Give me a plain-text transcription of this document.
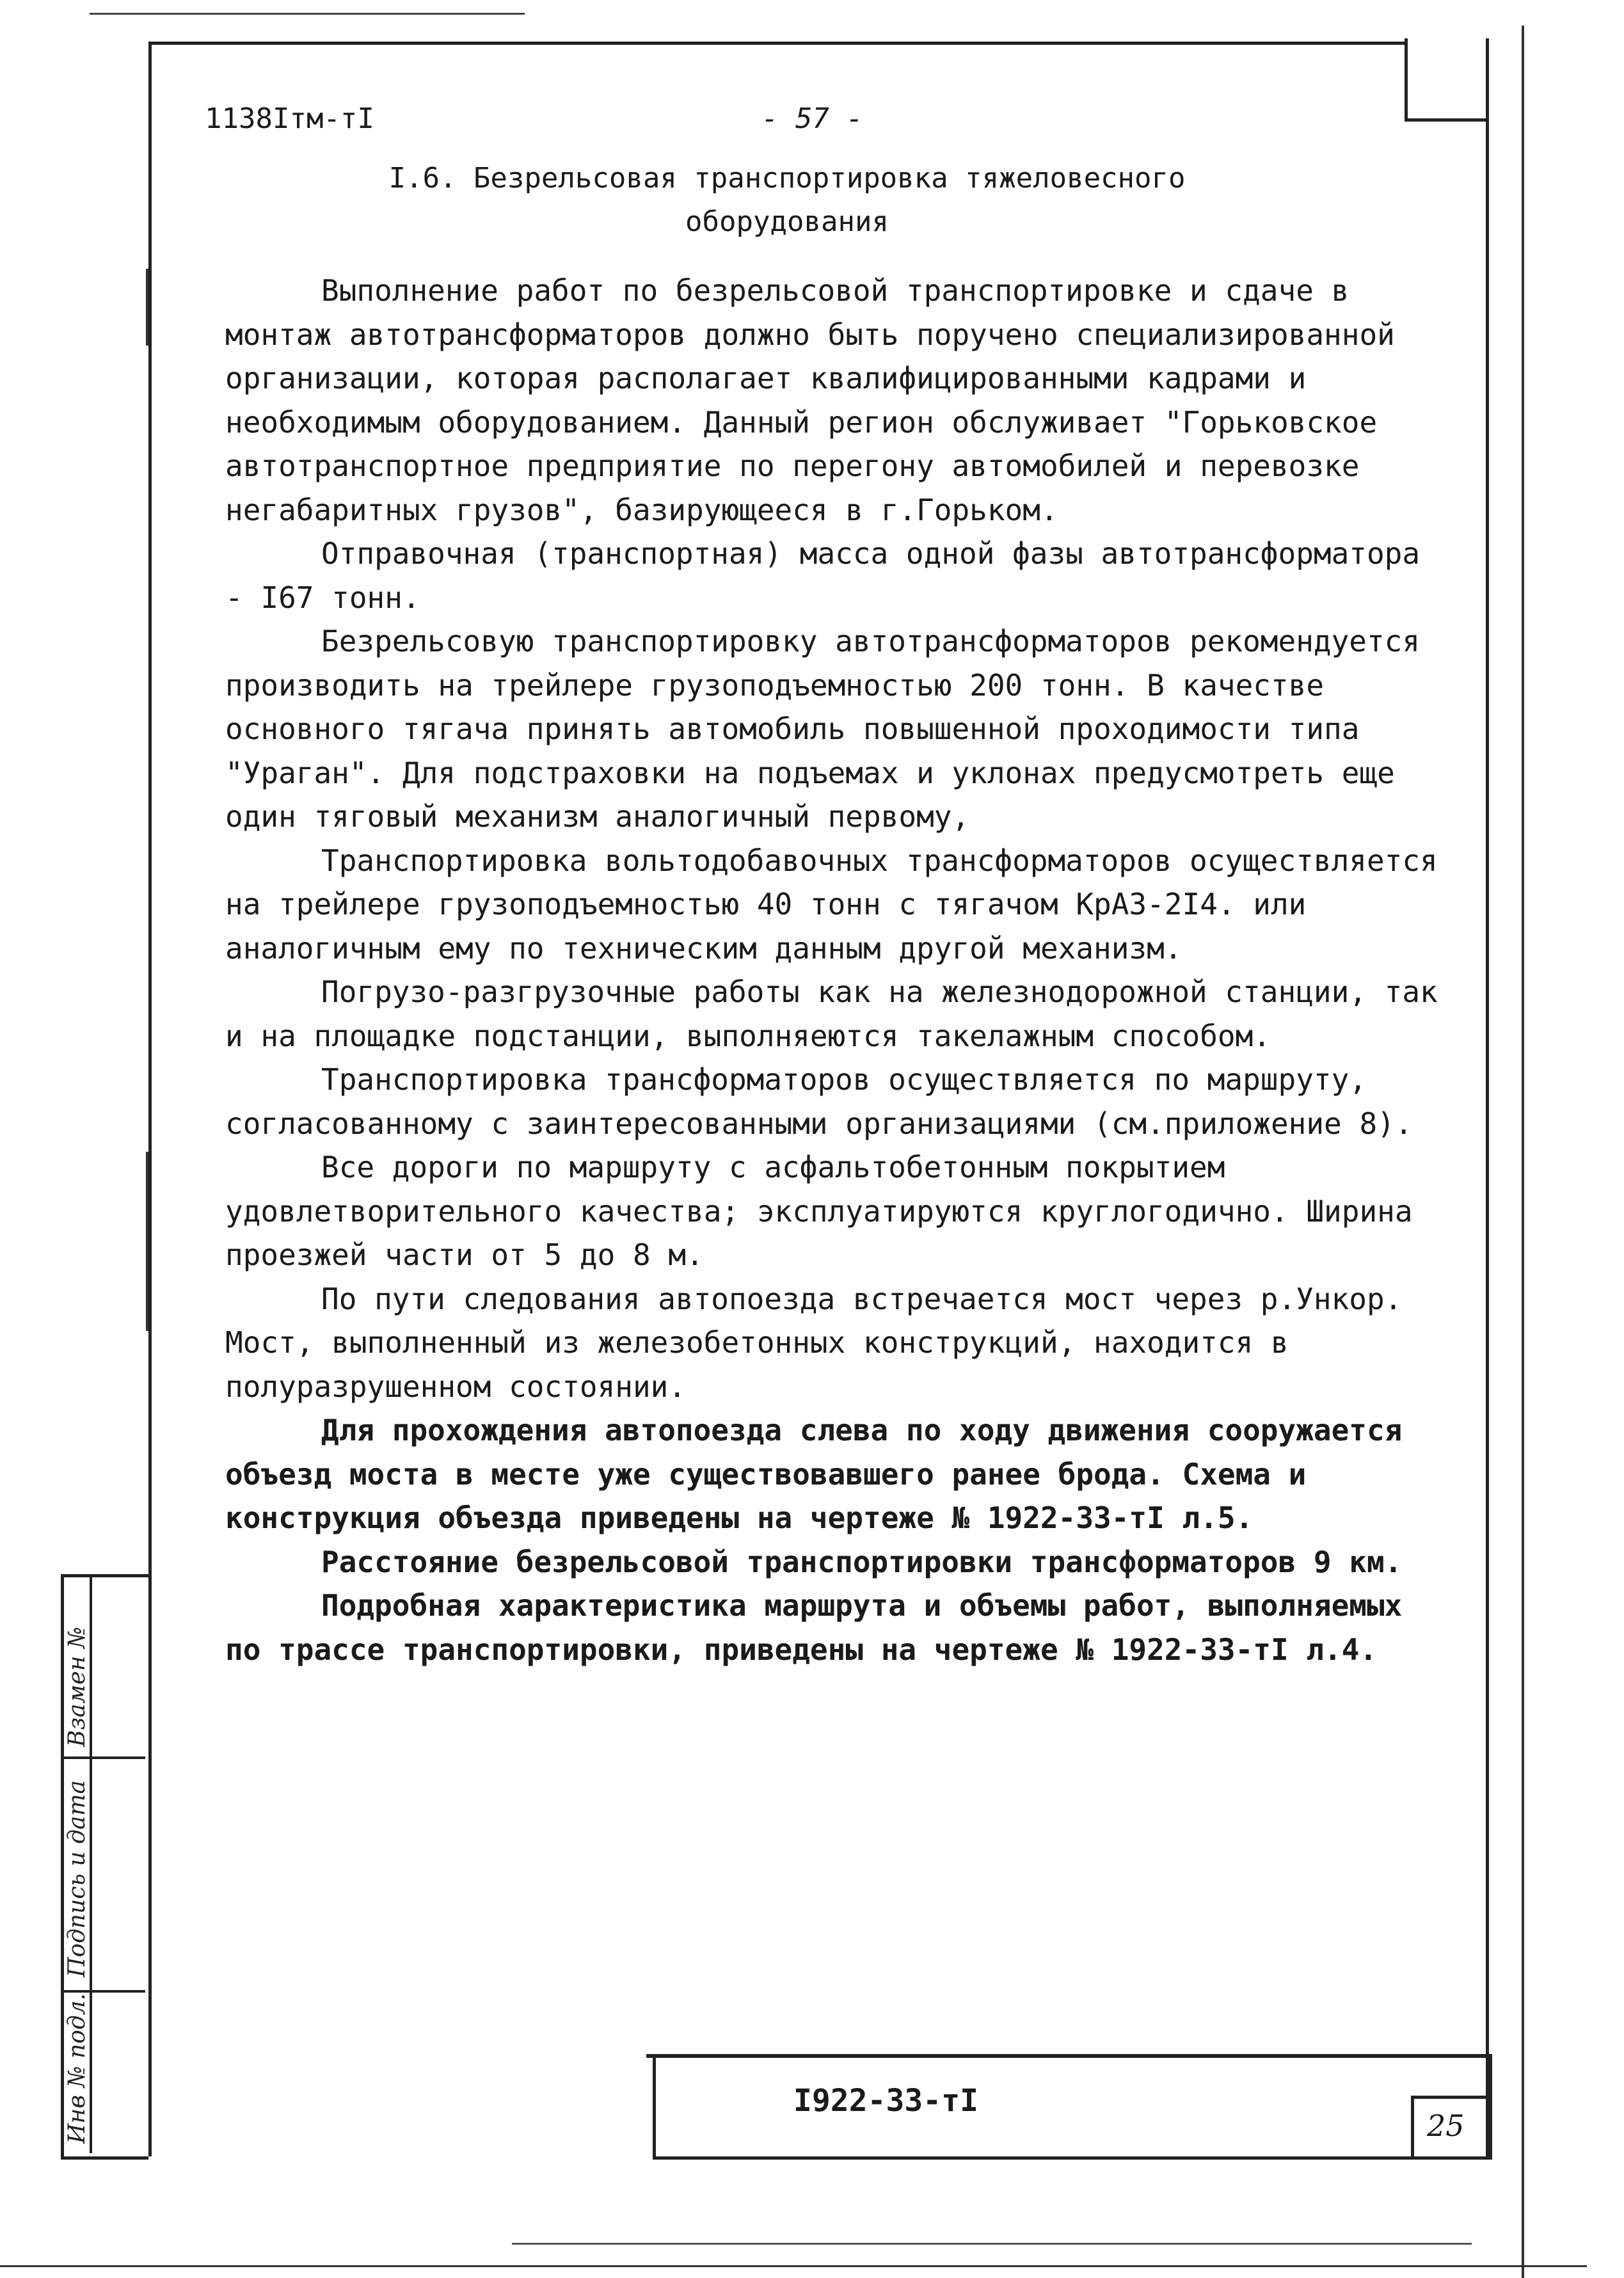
1138Iтм-тI	- 57 -
I.6. Безрельсовая транспортировка тяжеловесного
оборудования

Выполнение работ по безрельсовой транспортировке и сдаче в монтаж автотрансформаторов должно быть поручено специализированной организации, которая располагает квалифицированными кадрами и необходимым оборудованием. Данный регион обслуживает "Горьковское автотранспортное предприятие по перегону автомобилей и перевозке негабаритных грузов", базирующееся в г.Горьком.

Отправочная (транспортная) масса одной фазы автотрансформатора - I67 тонн.

Безрельсовую транспортировку автотрансформаторов рекомендуется производить на трейлере грузоподъемностью 200 тонн. В качестве основного тягача принять автомобиль повышенной проходимости типа "Ураган". Для подстраховки на подъемах и уклонах предусмотреть еще один тяговый механизм аналогичный первому,

Транспортировка вольтодобавочных трансформаторов осуществляется на трейлере грузоподъемностью 40 тонн с тягачом КрАЗ-2I4. или аналогичным ему по техническим данным другой механизм.

Погрузо-разгрузочные работы как на железнодорожной станции, так и на площадке подстанции, выполняеются такелажным способом.

Транспортировка трансформаторов осуществляется по маршруту, согласованному с заинтересованными организациями (см.приложение 8).

Все дороги по маршруту с асфальтобетонным покрытием удовлетворительного качества; эксплуатируются круглогодично. Ширина проезжей части от 5 до 8 м.

По пути следования автопоезда встречается мост через р.Ункор. Мост, выполненный из железобетонных конструкций, находится в полуразрушенном состоянии.

Для прохождения автопоезда слева по ходу движения сооружается объезд моста в месте уже существовавшего ранее брода. Схема и конструкция объезда приведены на чертеже № 1922-33-тI л.5.

Расстояние безрельсовой транспортировки трансформаторов 9 км.

Подробная характеристика маршрута и объемы работ, выполняемых по трассе транспортировки, приведены на чертеже № 1922-33-тI л.4.

Взамен №
Подпись и дата
Инв № подл.	I922-33-тI
25
